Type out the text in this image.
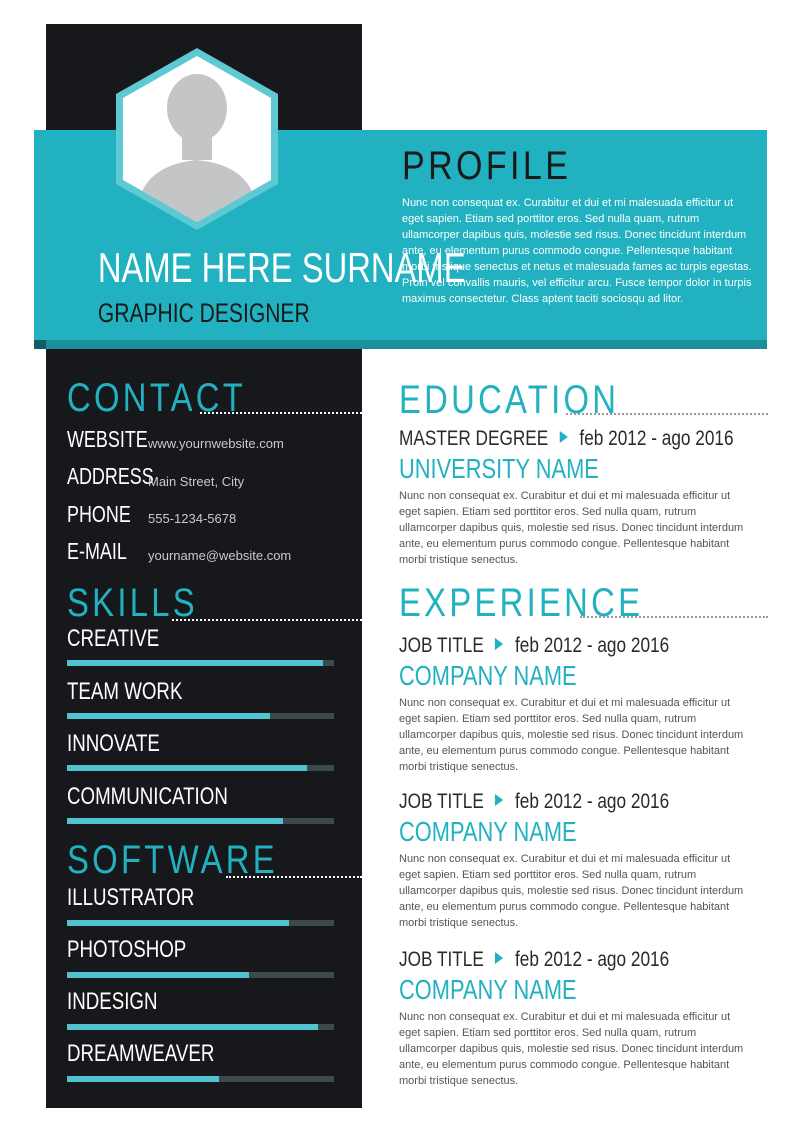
NAME HERE SURNAME
GRAPHIC DESIGNER
PROFILE
Nunc non consequat ex. Curabitur et dui et mi malesuada efficitur ut eget sapien. Etiam sed porttitor eros. Sed nulla quam, rutrum ullamcorper dapibus quis, molestie sed risus. Donec tincidunt interdum ante, eu elementum purus commodo congue. Pellentesque habitant morbi tristique senectus et netus et malesuada fames ac turpis egestas. Proin vel convallis mauris, vel efficitur arcu. Fusce tempor dolor in turpis maximus consectetur. Class aptent taciti sociosqu ad litor.
CONTACT
WEBSITE www.yournwebsite.com
ADDRESS
Main Street, City
PHONE	555-1234-5678
E-MAIL	yourname@website.com
SKILLS
CREATIVE
TEAM WORK
INNOVATE
COMMUNICATION
SOFTWARE
ILLUSTRATOR
PHOTOSHOP
INDESIGN
DREAMWEAVER
EDUCATION
MASTER DEGREE feb 2012 - ago 2016
UNIVERSITY NAME
Nunc non consequat ex. Curabitur et dui et mi malesuada efficitur ut eget sapien. Etiam sed porttitor eros. Sed nulla quam, rutrum ullamcorper dapibus quis, molestie sed risus. Donec tincidunt interdum ante, eu elementum purus commodo congue. Pellentesque habitant morbi tristique senectus.
EXPERIENCE
JOB TITLE feb 2012 - ago 2016
COMPANY NAME
Nunc non consequat ex. Curabitur et dui et mi malesuada efficitur ut eget sapien. Etiam sed porttitor eros. Sed nulla quam, rutrum ullamcorper dapibus quis, molestie sed risus. Donec tincidunt interdum ante, eu elementum purus commodo congue. Pellentesque habitant morbi tristique senectus.
JOB TITLE feb 2012 - ago 2016
COMPANY NAME
Nunc non consequat ex. Curabitur et dui et mi malesuada efficitur ut eget sapien. Etiam sed porttitor eros. Sed nulla quam, rutrum ullamcorper dapibus quis, molestie sed risus. Donec tincidunt interdum ante, eu elementum purus commodo congue. Pellentesque habitant morbi tristique senectus.
JOB TITLE feb 2012 - ago 2016
COMPANY NAME
Nunc non consequat ex. Curabitur et dui et mi malesuada efficitur ut eget sapien. Etiam sed porttitor eros. Sed nulla quam, rutrum ullamcorper dapibus quis, molestie sed risus. Donec tincidunt interdum ante, eu elementum purus commodo congue. Pellentesque habitant morbi tristique senectus.
